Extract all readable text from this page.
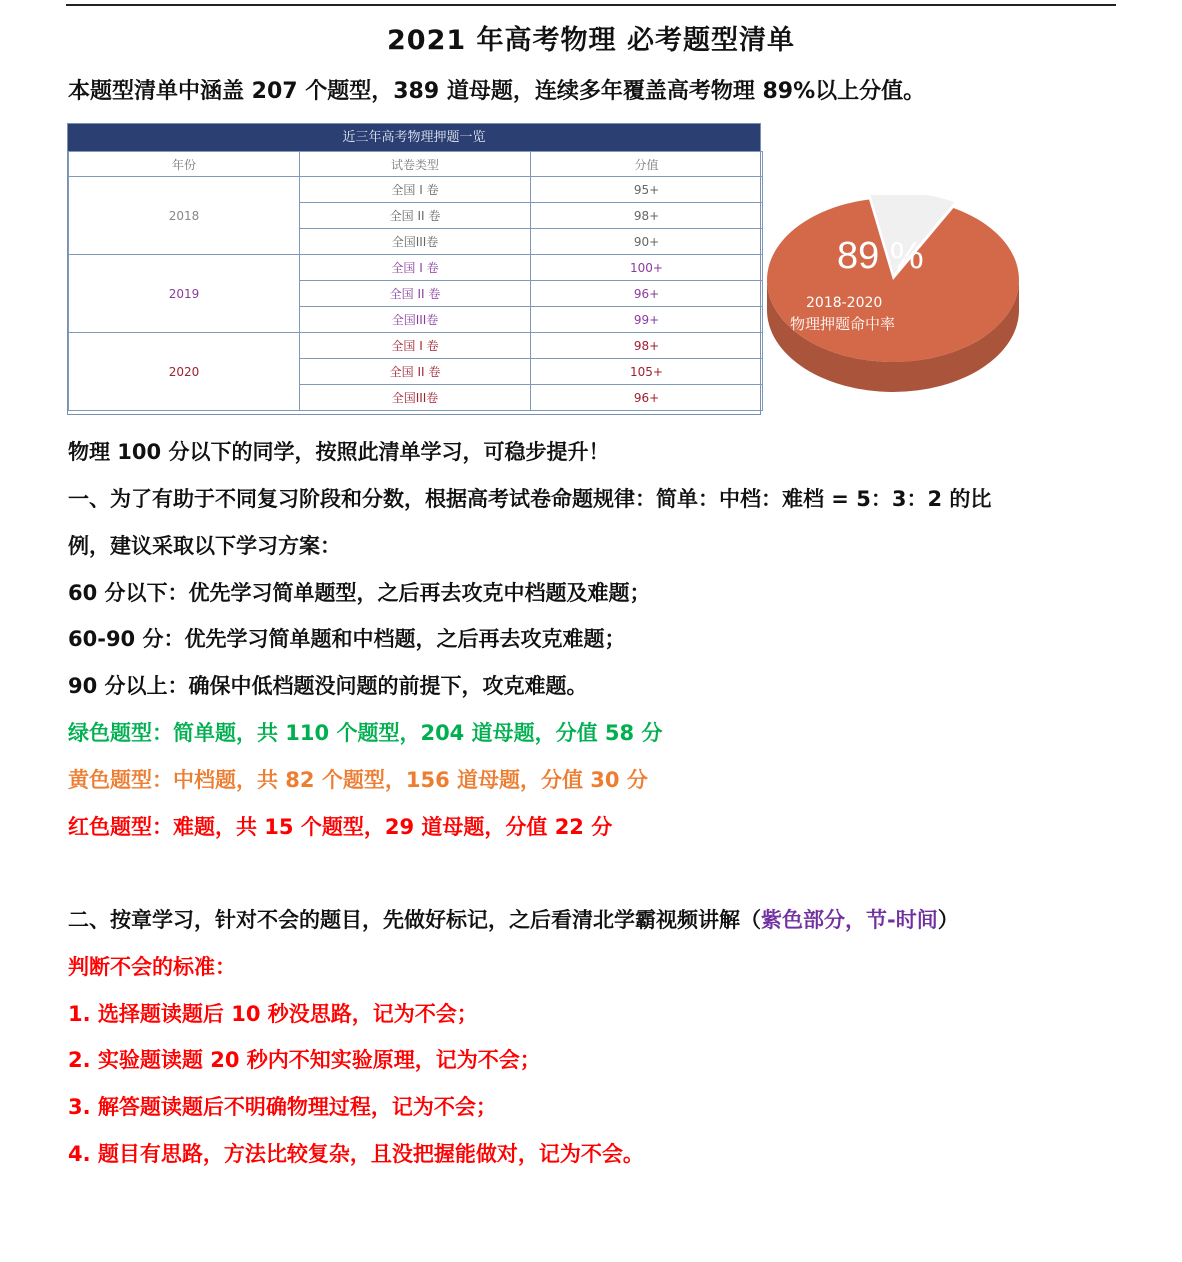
2021 年高考物理 必考题型清单
本题型清单中涵盖 207 个题型，389 道母题，连续多年覆盖高考物理 89%以上分值。
近三年高考物理押题一览
年份	试卷类型	分值
2018	全国 I 卷	95+
	全国 II 卷	98+
	全国III卷	90+
2019	全国 I 卷	100+
	全国 II 卷	96+
	全国III卷	99+
2020	全国 I 卷	98+
	全国 II 卷	105+
	全国III卷	96+
89 %
2018-2020
物理押题命中率
物理 100 分以下的同学，按照此清单学习，可稳步提升！
一、为了有助于不同复习阶段和分数，根据高考试卷命题规律：简单：中档：难档 = 5：3：2 的比
例，建议采取以下学习方案：
60 分以下：优先学习简单题型，之后再去攻克中档题及难题；
60-90 分：优先学习简单题和中档题，之后再去攻克难题；
90 分以上：确保中低档题没问题的前提下，攻克难题。
绿色题型：简单题，共 110 个题型，204 道母题，分值 58 分
黄色题型：中档题，共 82 个题型，156 道母题，分值 30 分
红色题型：难题，共 15 个题型，29 道母题，分值 22 分
二、按章学习，针对不会的题目，先做好标记，之后看清北学霸视频讲解（紫色部分，节-时间）
判断不会的标准：
1. 选择题读题后 10 秒没思路，记为不会；
2. 实验题读题 20 秒内不知实验原理，记为不会；
3. 解答题读题后不明确物理过程，记为不会；
4. 题目有思路，方法比较复杂，且没把握能做对，记为不会。
